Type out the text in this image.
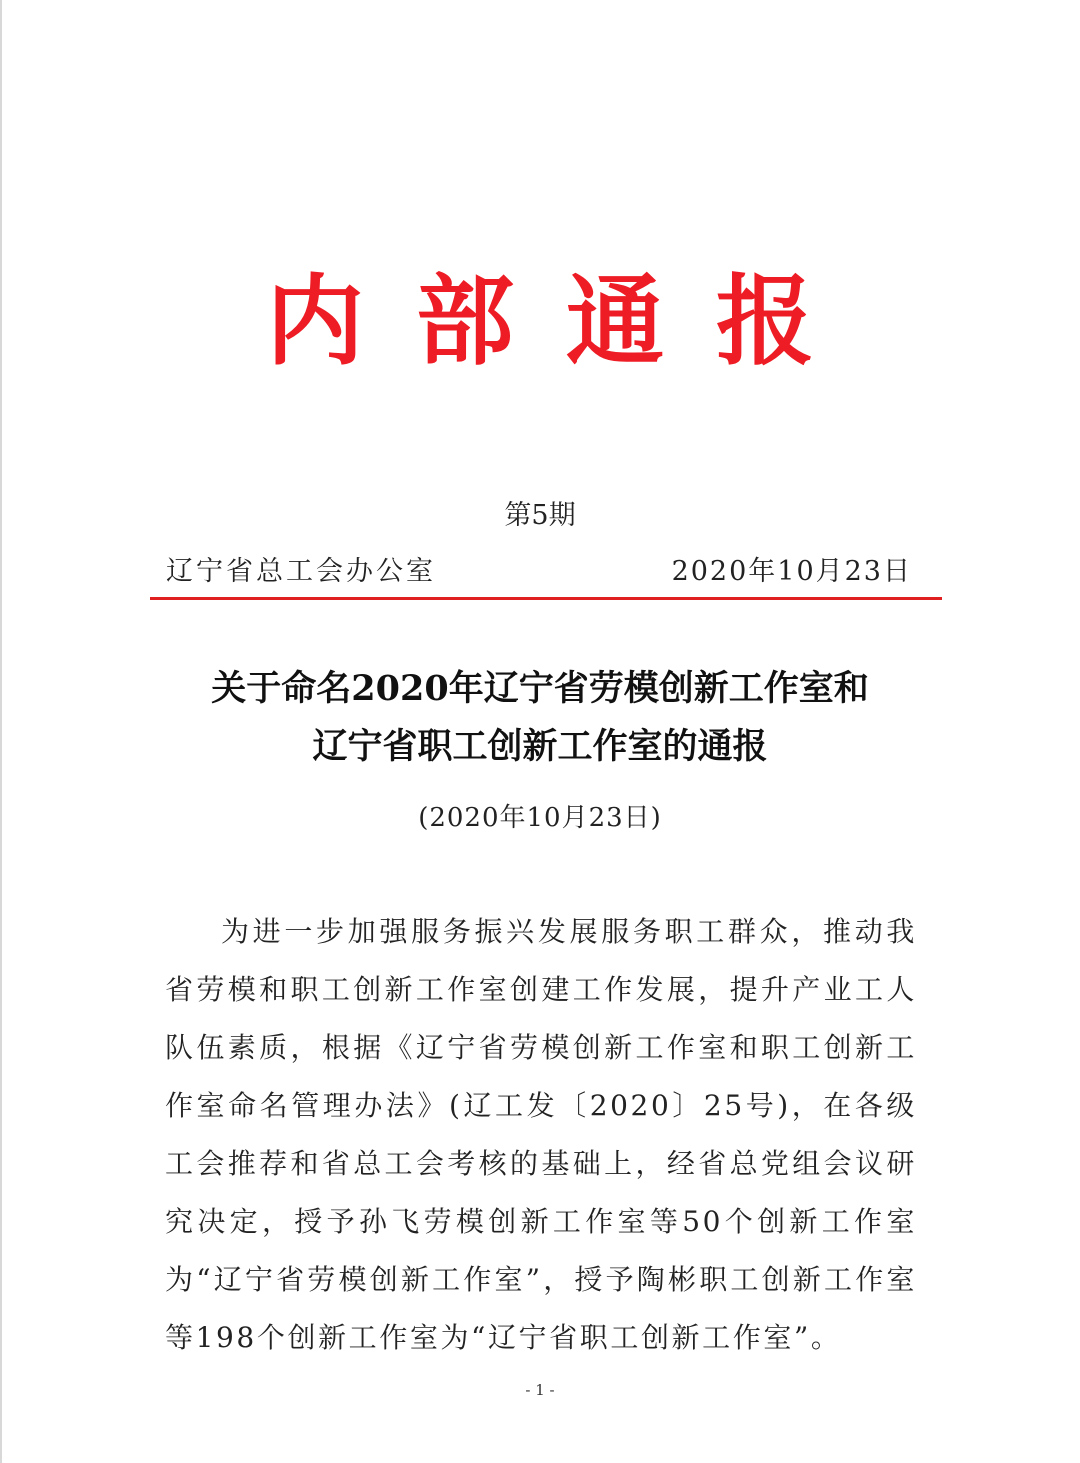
内部通报
第5期
辽宁省总工会办公室	2020年10月23日
关于命名2020年辽宁省劳模创新工作室和
辽宁省职工创新工作室的通报
(2020年10月23日)

为进一步加强服务振兴发展服务职工群众，推动我省劳模和职工创新工作室创建工作发展，提升产业工人队伍素质，根据《辽宁省劳模创新工作室和职工创新工作室命名管理办法》(辽工发〔2020〕25号)，在各级工会推荐和省总工会考核的基础上，经省总党组会议研究决定，授予孙飞劳模创新工作室等50个创新工作室为“辽宁省劳模创新工作室”，授予陶彬职工创新工作室等198个创新工作室为“辽宁省职工创新工作室”。

- 1 -
